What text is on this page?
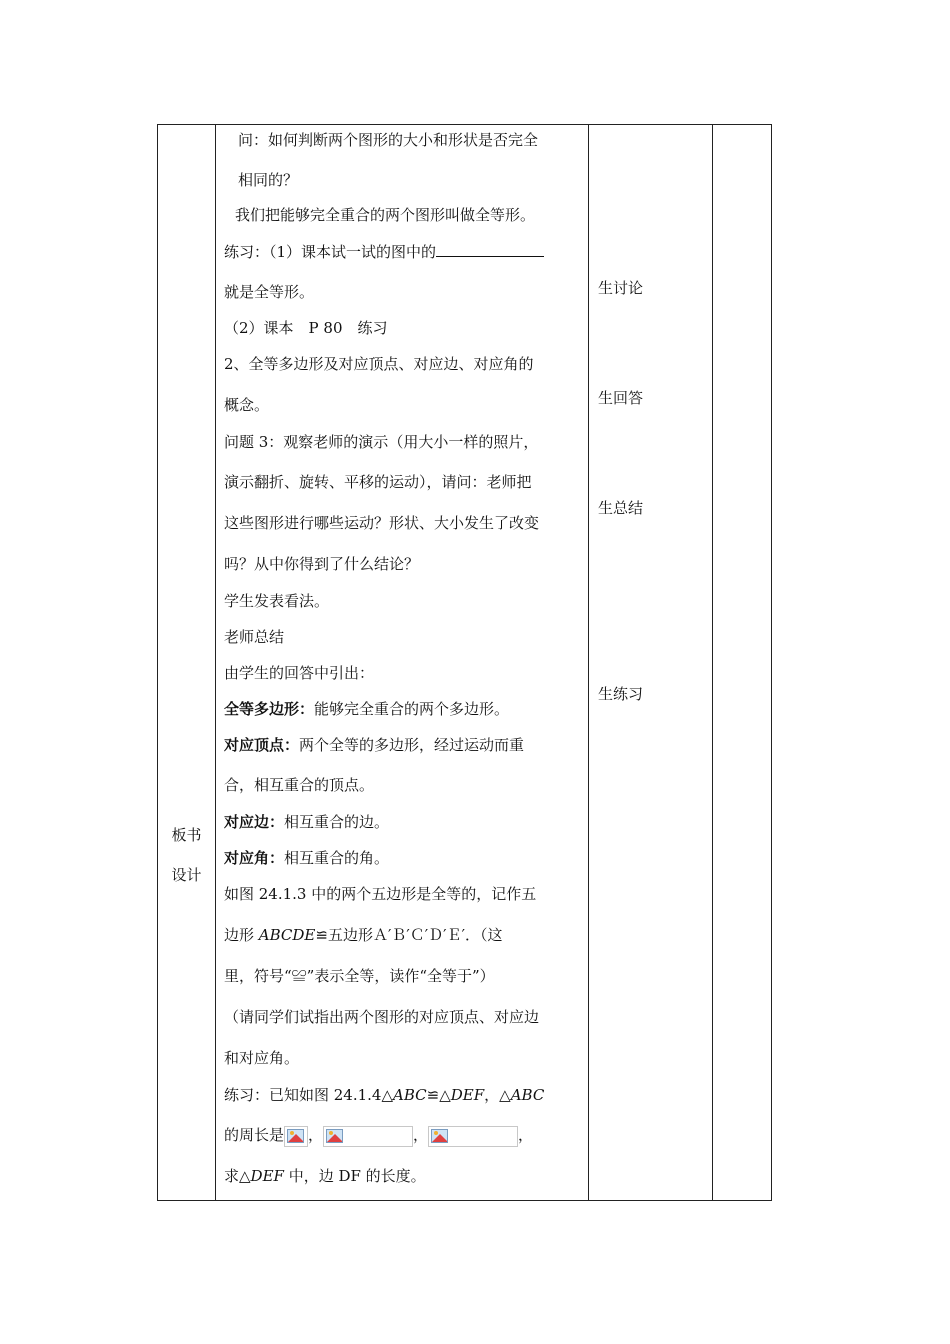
板书
设计
问：如何判断两个图形的大小和形状是否完全
相同的？
我们把能够完全重合的两个图形叫做全等形。
练习：（1）课本试一试的图中的
就是全等形。
（2）课本　P 80　练习
2、全等多边形及对应顶点、对应边、对应角的
概念。
问题 3：观察老师的演示（用大小一样的照片，
演示翻折、旋转、平移的运动），请问：老师把
这些图形进行哪些运动？形状、大小发生了改变
吗？从中你得到了什么结论？
学生发表看法。
老师总结
由学生的回答中引出：
全等多边形：能够完全重合的两个多边形。
对应顶点：两个全等的多边形，经过运动而重
合，相互重合的顶点。
对应边：相互重合的边。
对应角：相互重合的角。
如图 24.1.3 中的两个五边形是全等的，记作五
边形 ABCDE≌五边形Ａ′Ｂ′Ｃ′Ｄ′Ｅ′．（这
里，符号“≌”表示全等，读作“全等于”）
（请同学们试指出两个图形的对应顶点、对应边
和对应角。
练习：已知如图 24.1.4△ABC≌△DEF，△ABC
的周长是 ，	，	，
求△DEF 中，边 DF 的长度。
生讨论
生回答
生总结
生练习
